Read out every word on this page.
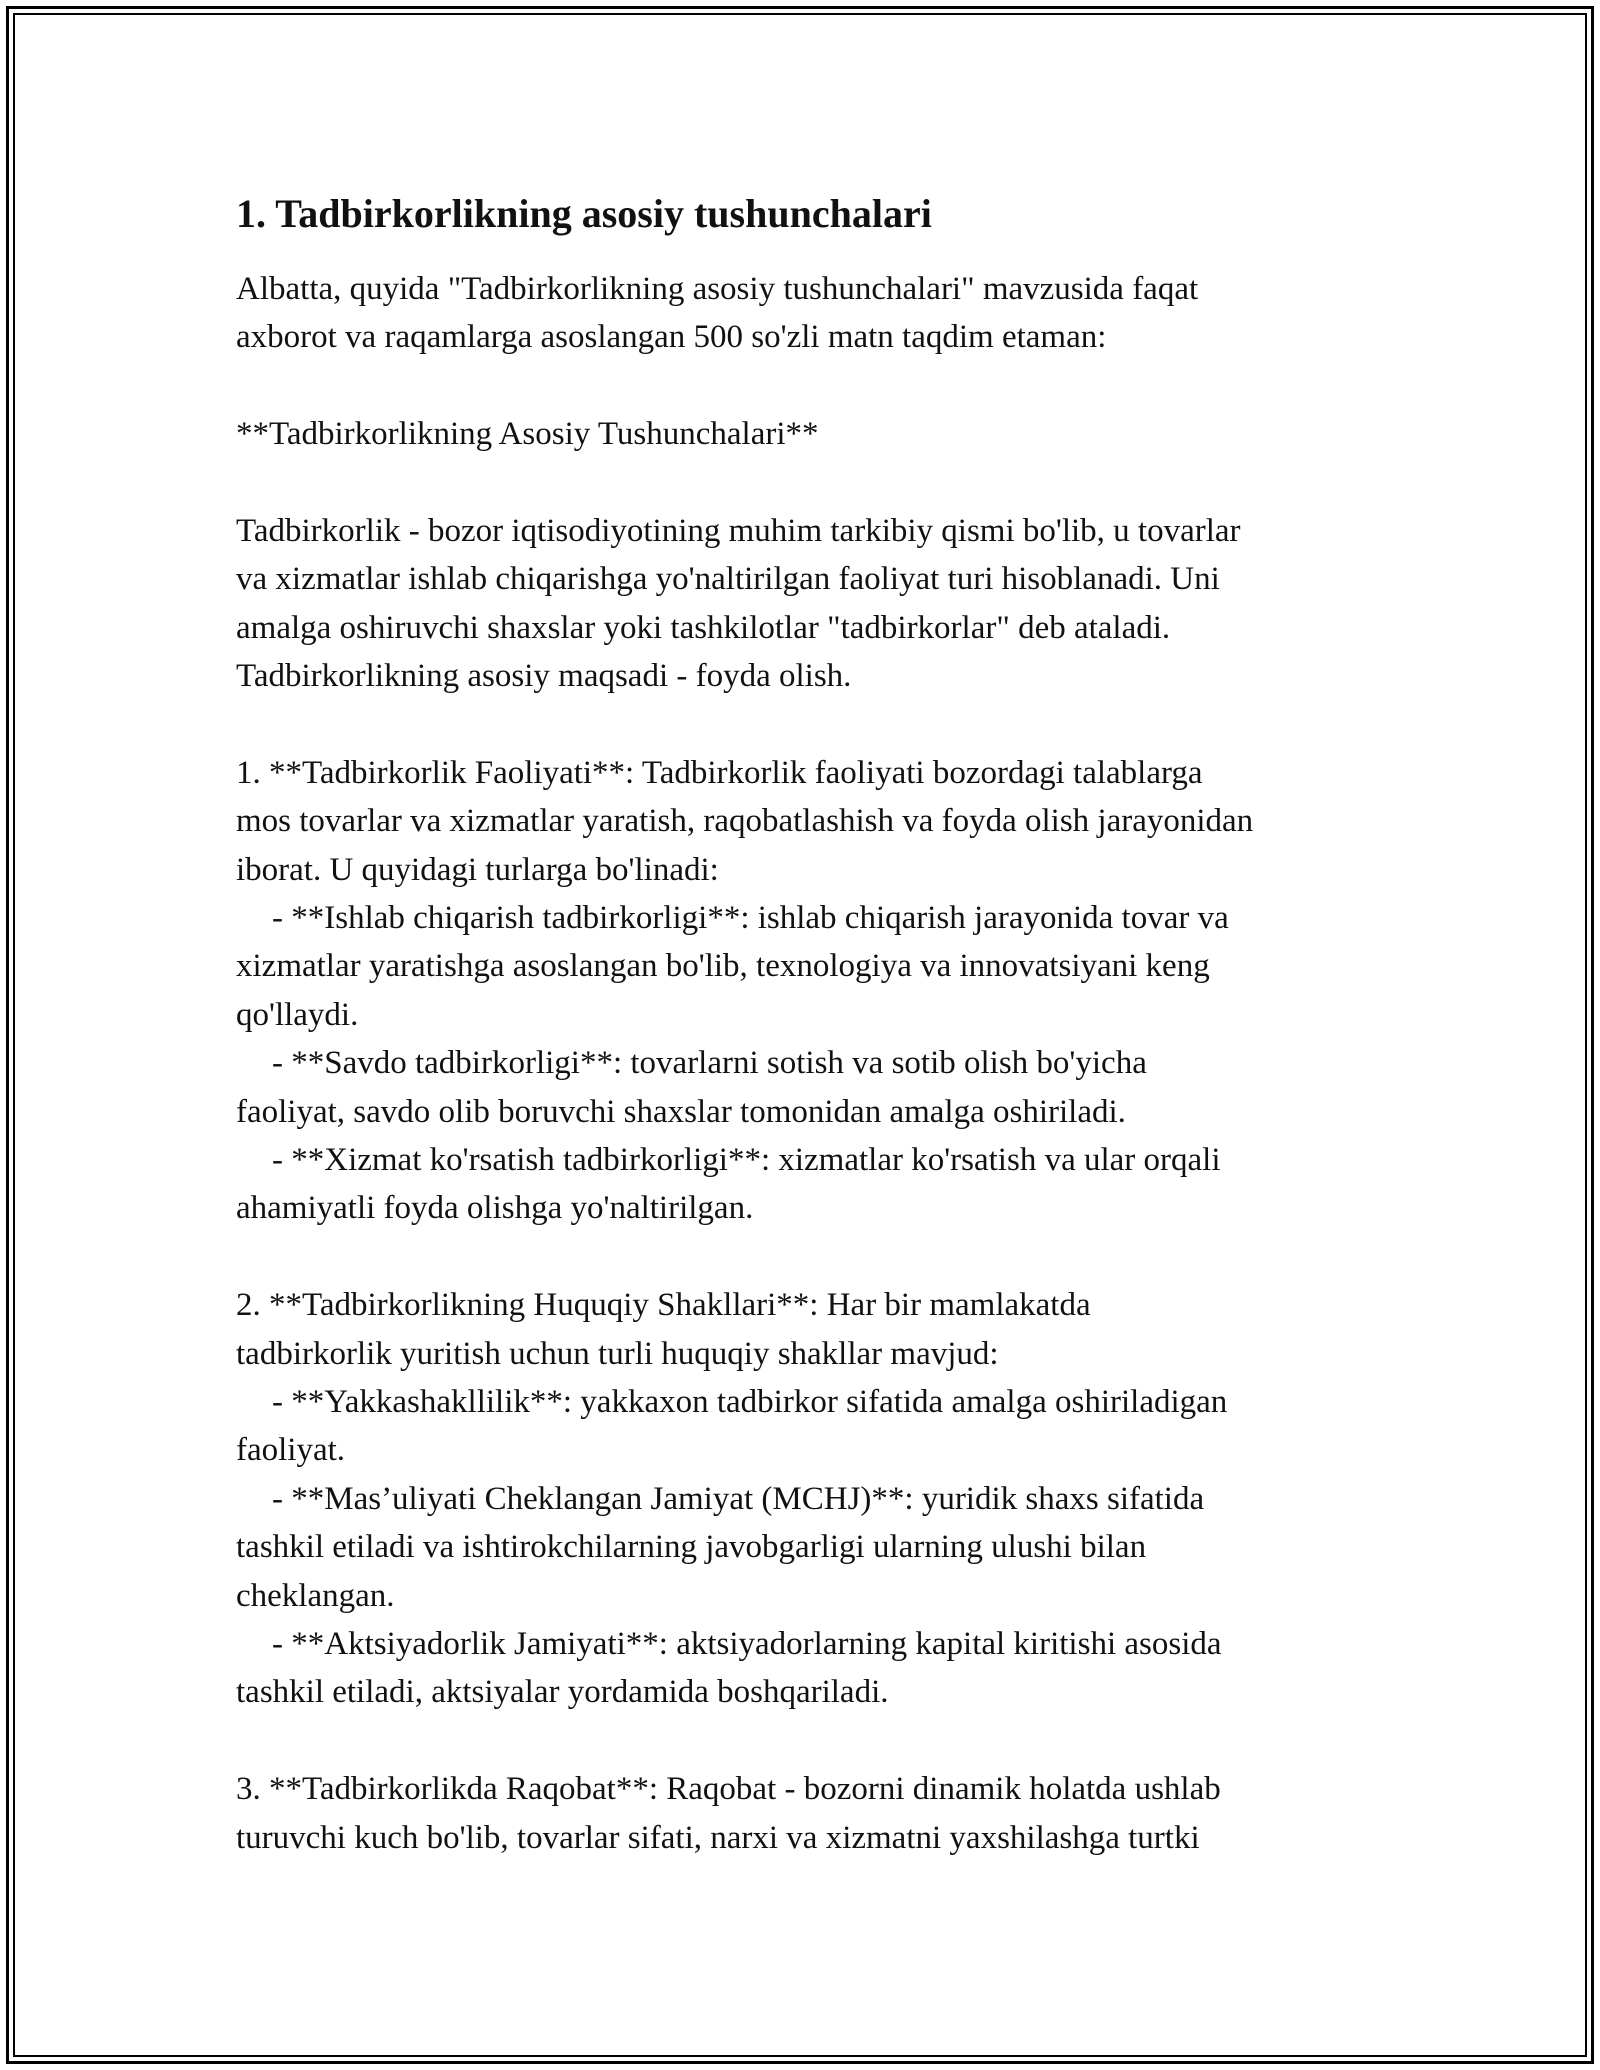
1. Tadbirkorlikning asosiy tushunchalari
Albatta, quyida "Tadbirkorlikning asosiy tushunchalari" mavzusida faqat
axborot va raqamlarga asoslangan 500 so'zli matn taqdim etaman:
**Tadbirkorlikning Asosiy Tushunchalari**
Tadbirkorlik - bozor iqtisodiyotining muhim tarkibiy qismi bo'lib, u tovarlar
va xizmatlar ishlab chiqarishga yo'naltirilgan faoliyat turi hisoblanadi. Uni
amalga oshiruvchi shaxslar yoki tashkilotlar "tadbirkorlar" deb ataladi.
Tadbirkorlikning asosiy maqsadi - foyda olish.
1. **Tadbirkorlik Faoliyati**: Tadbirkorlik faoliyati bozordagi talablarga
mos tovarlar va xizmatlar yaratish, raqobatlashish va foyda olish jarayonidan
iborat. U quyidagi turlarga bo'linadi:
- **Ishlab chiqarish tadbirkorligi**: ishlab chiqarish jarayonida tovar va
xizmatlar yaratishga asoslangan bo'lib, texnologiya va innovatsiyani keng
qo'llaydi.
- **Savdo tadbirkorligi**: tovarlarni sotish va sotib olish bo'yicha
faoliyat, savdo olib boruvchi shaxslar tomonidan amalga oshiriladi.
- **Xizmat ko'rsatish tadbirkorligi**: xizmatlar ko'rsatish va ular orqali
ahamiyatli foyda olishga yo'naltirilgan.
2. **Tadbirkorlikning Huquqiy Shakllari**: Har bir mamlakatda
tadbirkorlik yuritish uchun turli huquqiy shakllar mavjud:
- **Yakkashakllilik**: yakkaxon tadbirkor sifatida amalga oshiriladigan
faoliyat.
- **Mas’uliyati Cheklangan Jamiyat (MCHJ)**: yuridik shaxs sifatida
tashkil etiladi va ishtirokchilarning javobgarligi ularning ulushi bilan
cheklangan.
- **Aktsiyadorlik Jamiyati**: aktsiyadorlarning kapital kiritishi asosida
tashkil etiladi, aktsiyalar yordamida boshqariladi.
3. **Tadbirkorlikda Raqobat**: Raqobat - bozorni dinamik holatda ushlab
turuvchi kuch bo'lib, tovarlar sifati, narxi va xizmatni yaxshilashga turtki
